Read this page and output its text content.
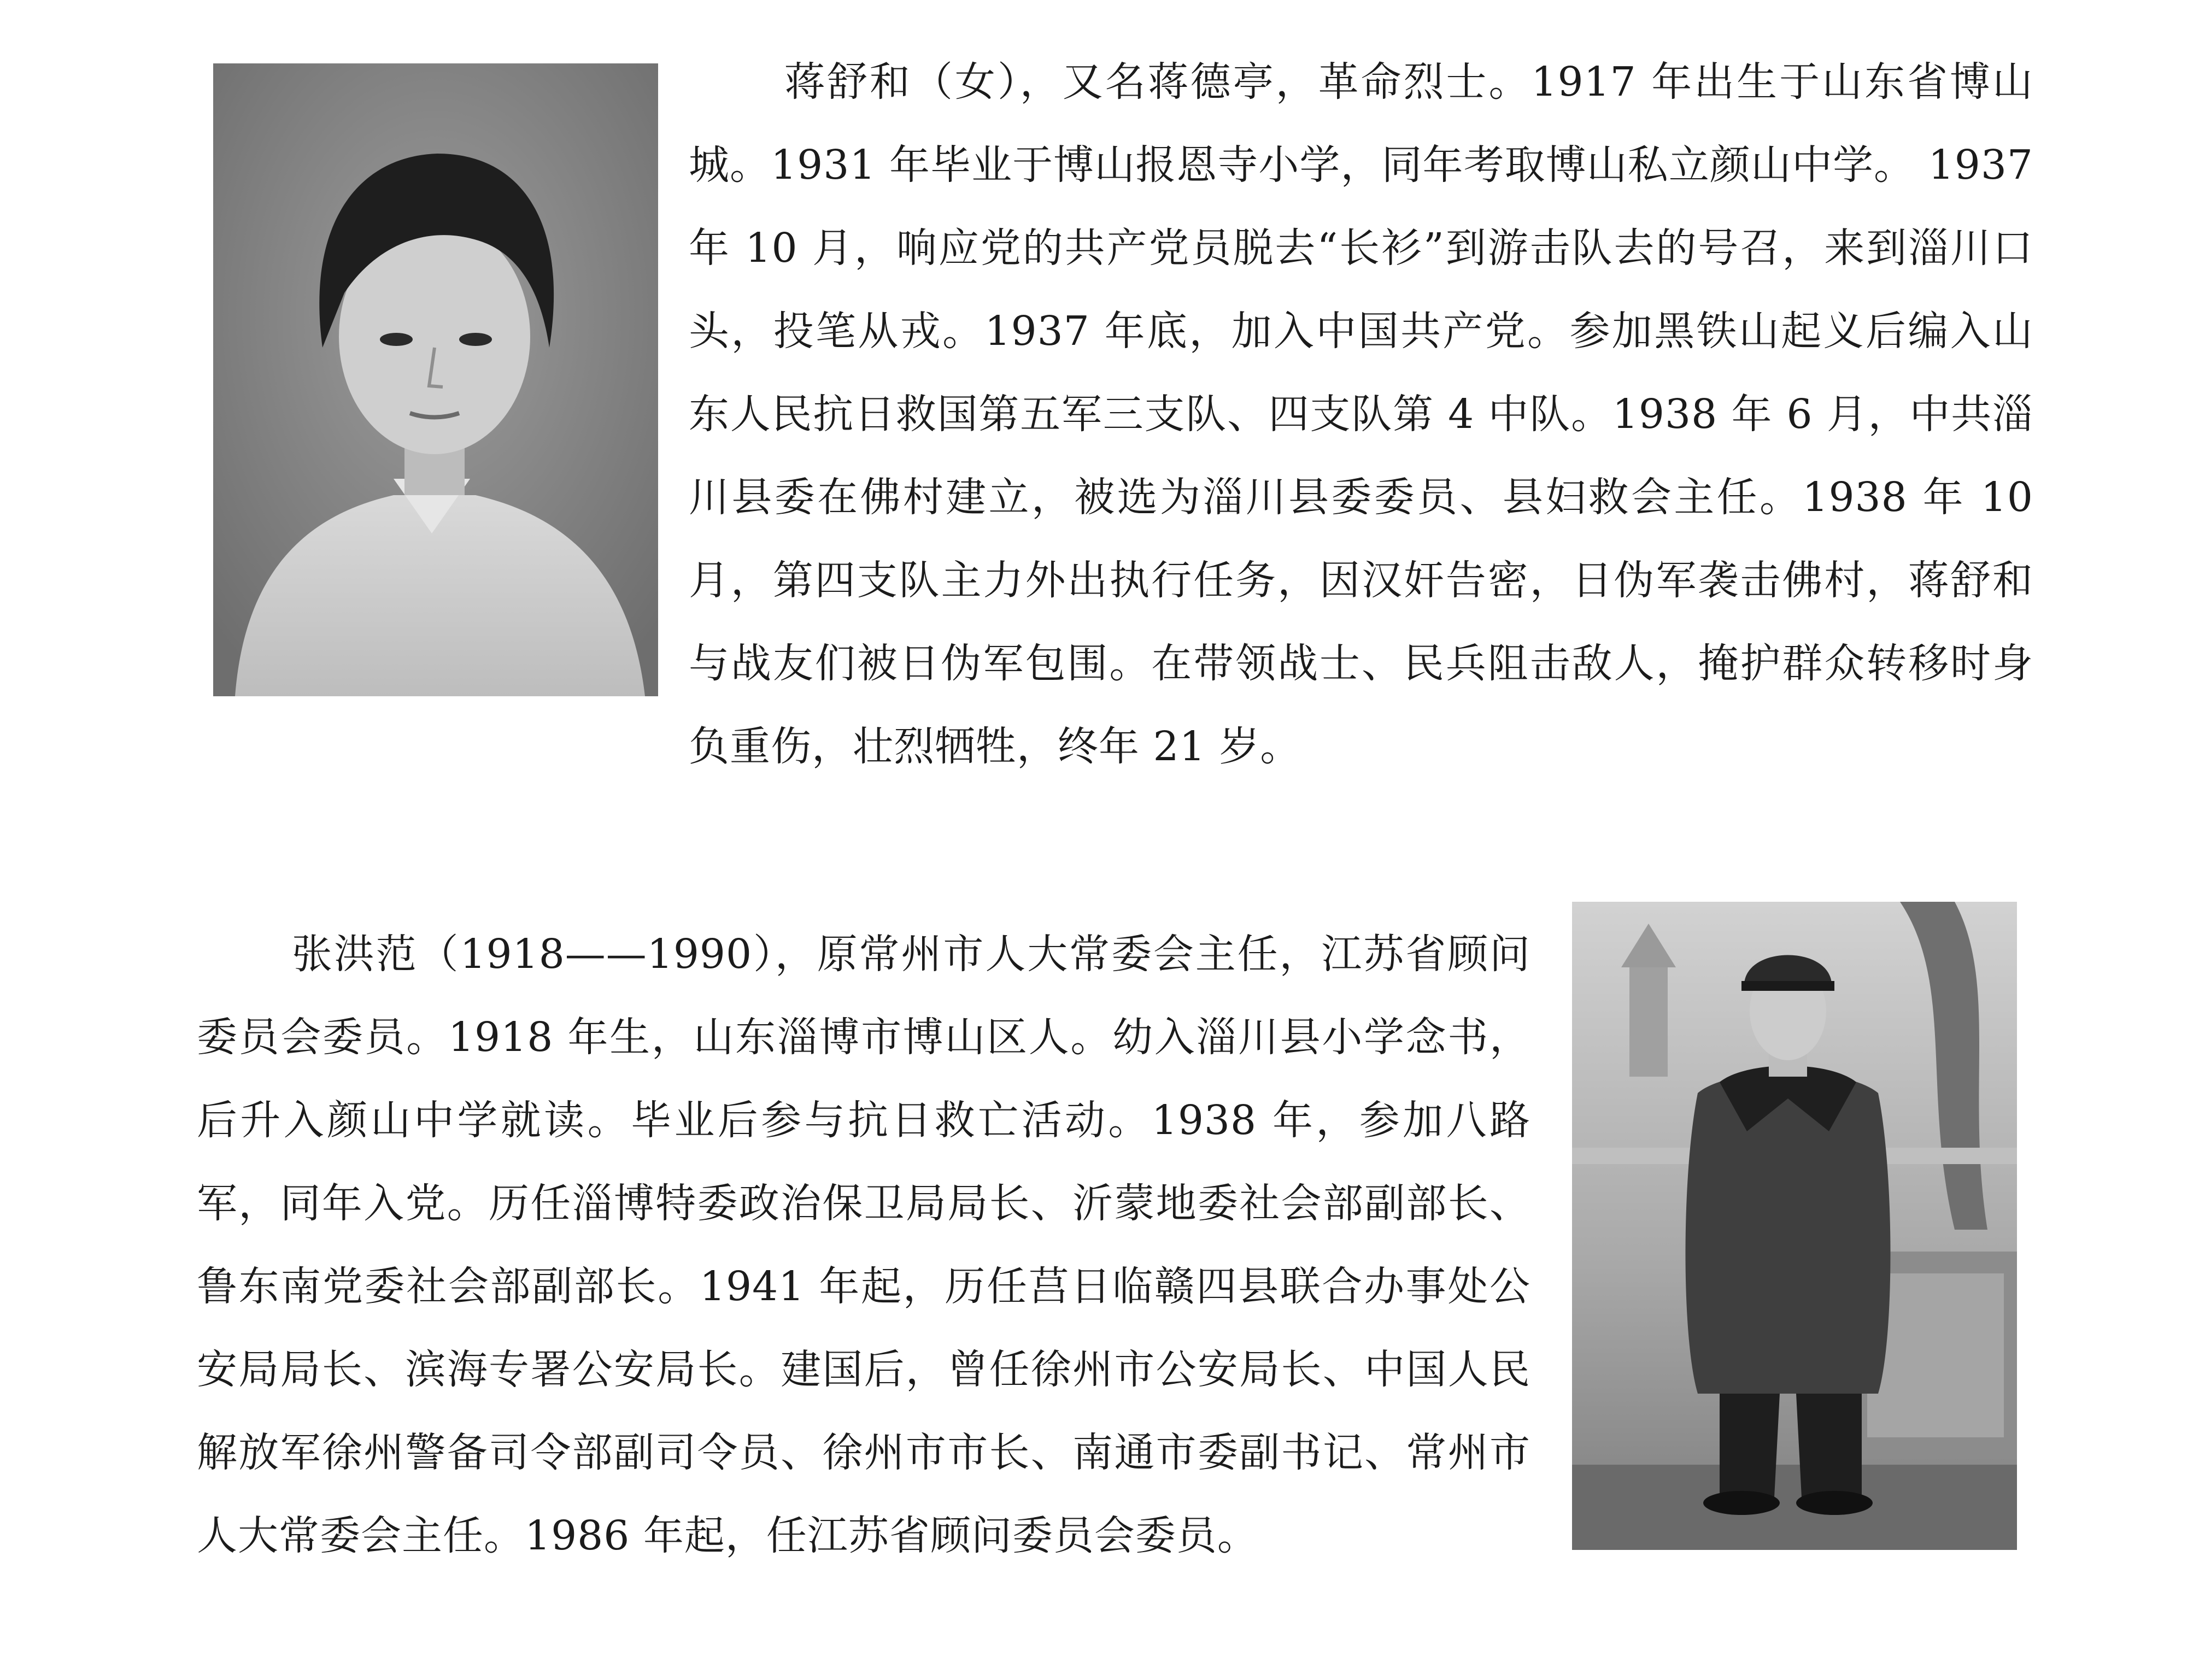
蒋舒和（女），又名蒋德亭，革命烈士。1917 年出生于山东省博山城。1931 年毕业于博山报恩寺小学，同年考取博山私立颜山中学。 1937 年 10 月，响应党的共产党员脱去“长衫”到游击队去的号召，来到淄川口头，投笔从戎。1937 年底，加入中国共产党。参加黑铁山起义后编入山东人民抗日救国第五军三支队、四支队第 4 中队。1938 年 6 月，中共淄川县委在佛村建立，被选为淄川县委委员、县妇救会主任。1938 年 10 月，第四支队主力外出执行任务，因汉奸告密，日伪军袭击佛村，蒋舒和与战友们被日伪军包围。在带领战士、民兵阻击敌人，掩护群众转移时身负重伤，壮烈牺牲，终年 21 岁。

张洪范（1918——1990），原常州市人大常委会主任，江苏省顾问委员会委员。1918 年生，山东淄博市博山区人。幼入淄川县小学念书，后升入颜山中学就读。毕业后参与抗日救亡活动。1938 年，参加八路军，同年入党。历任淄博特委政治保卫局局长、沂蒙地委社会部副部长、鲁东南党委社会部副部长。1941 年起，历任莒日临赣四县联合办事处公安局局长、滨海专署公安局长。建国后，曾任徐州市公安局长、中国人民解放军徐州警备司令部副司令员、徐州市市长、南通市委副书记、常州市人大常委会主任。1986 年起，任江苏省顾问委员会委员。
